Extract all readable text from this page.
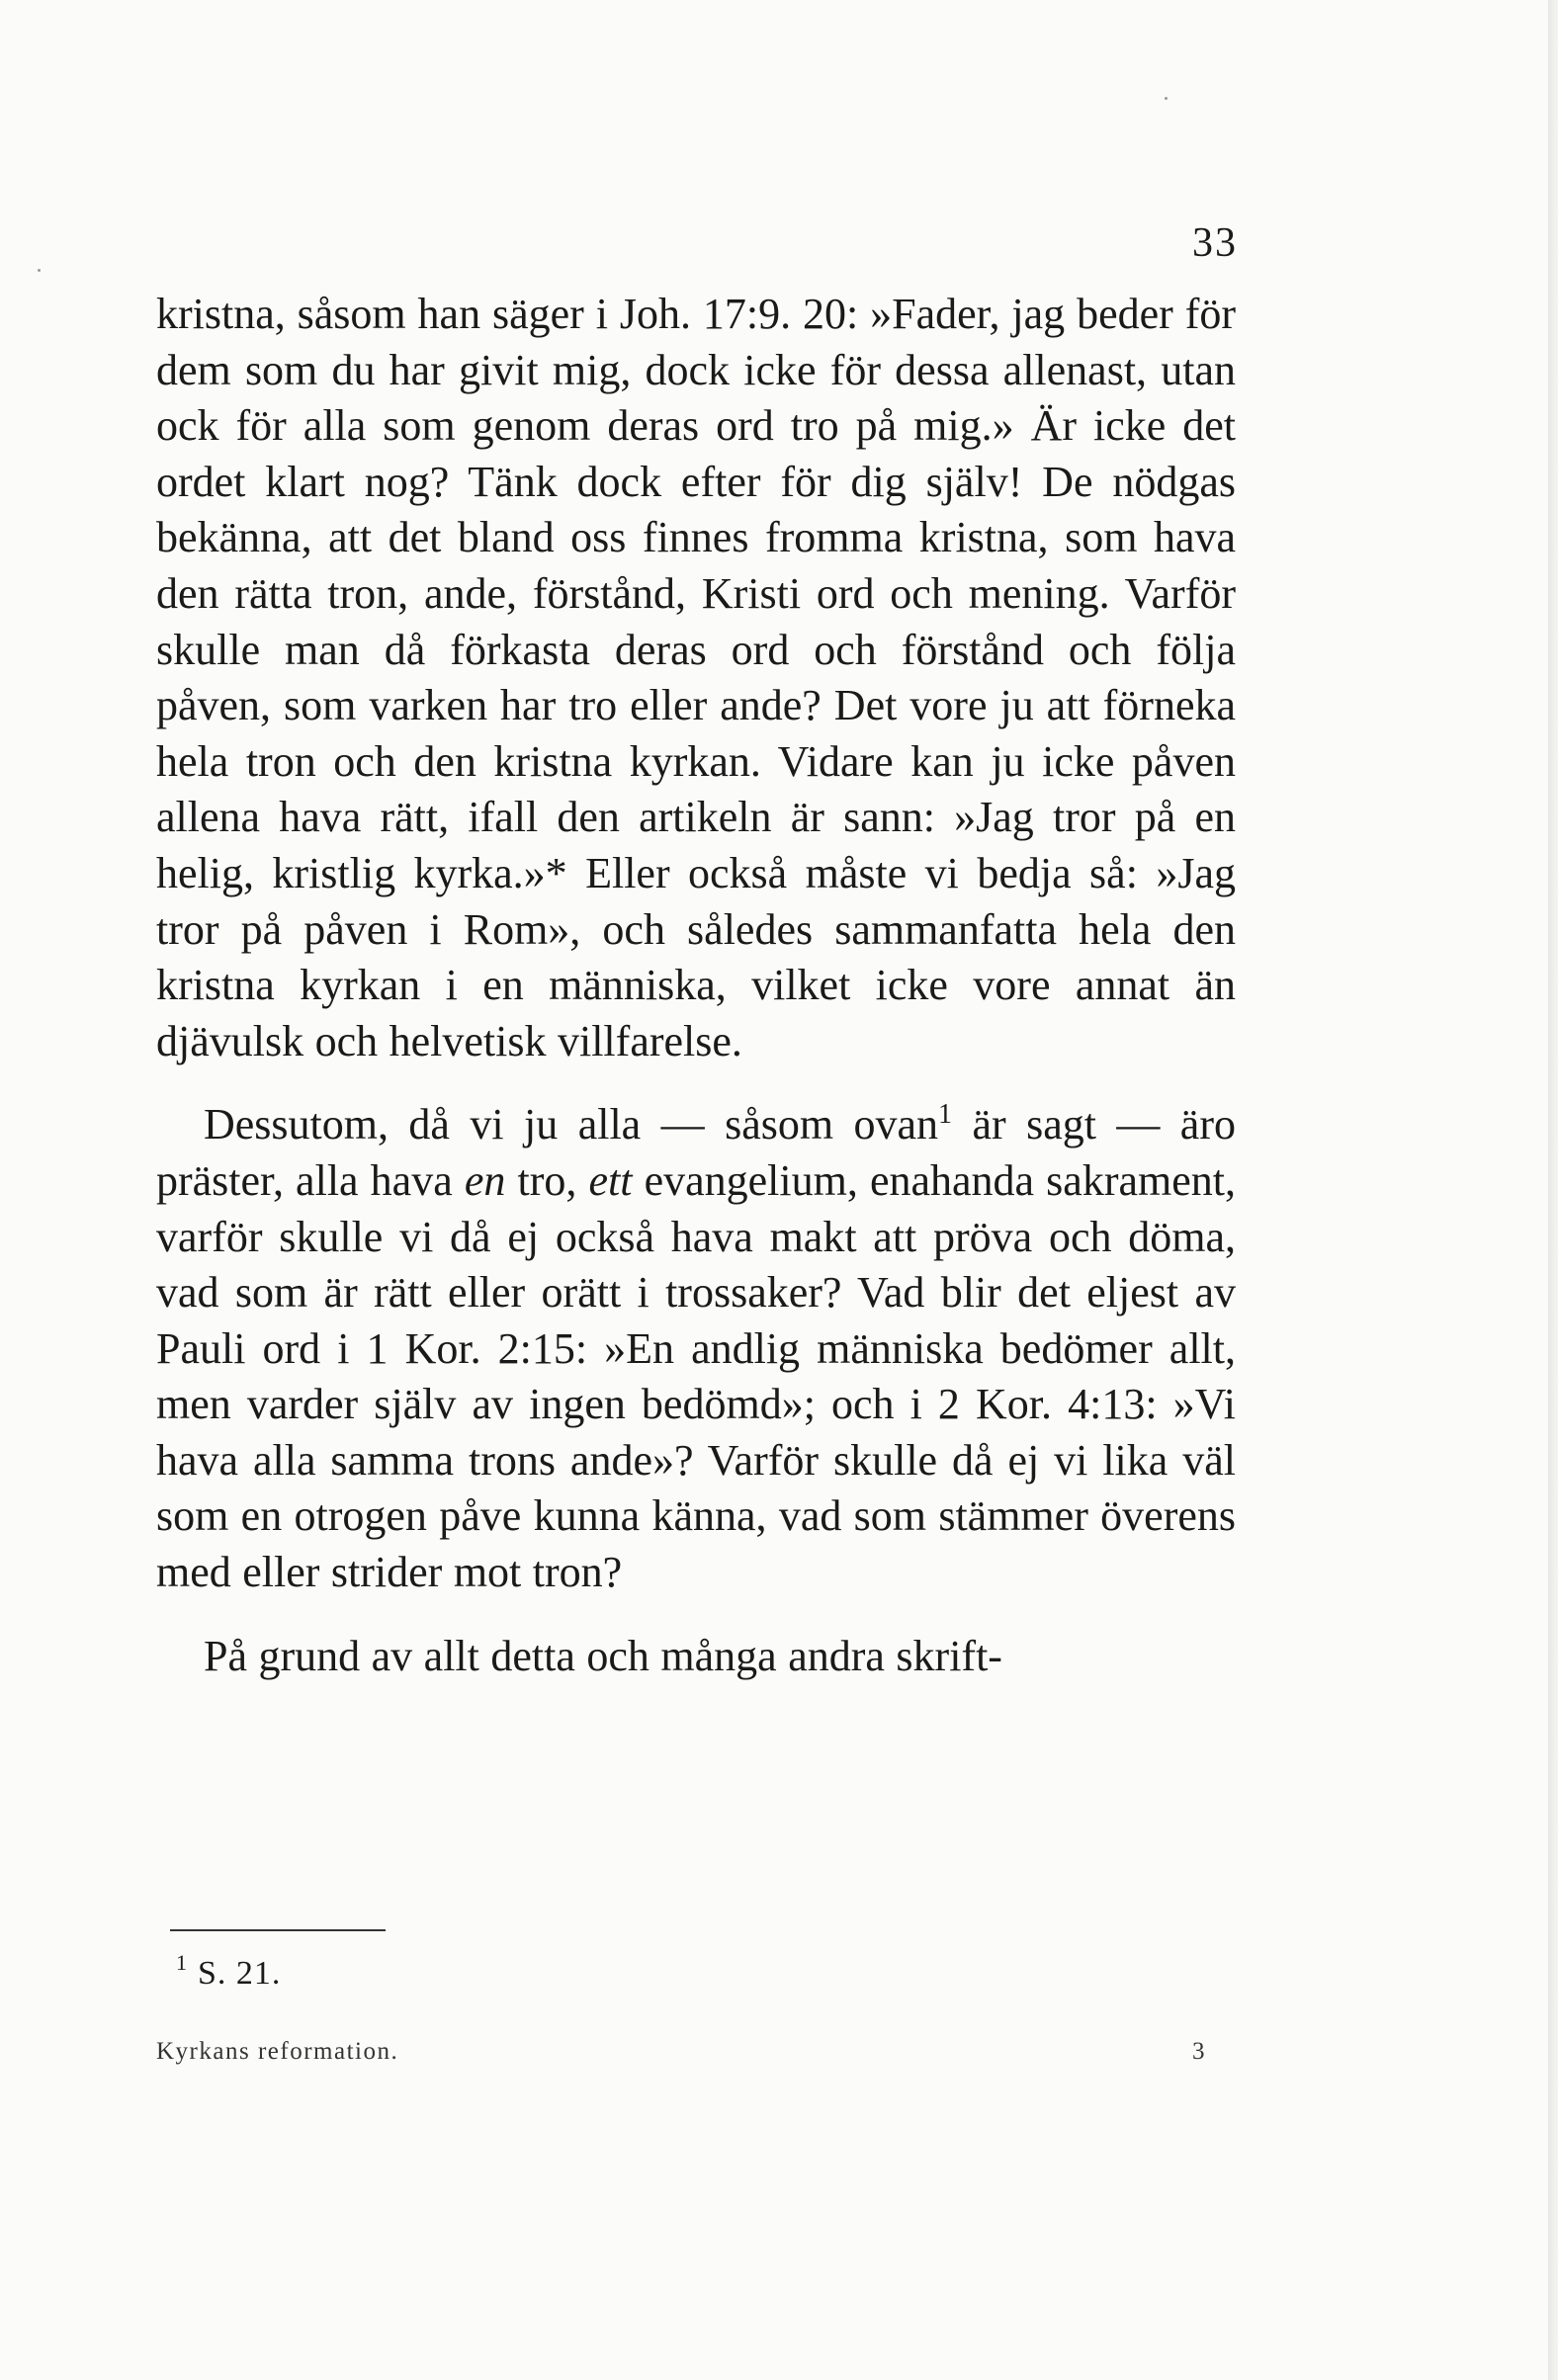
33

kristna, såsom han säger i Joh. 17:9. 20: »Fader, jag beder för dem som du har givit mig, dock icke för dessa allenast, utan ock för alla som genom deras ord tro på mig.» Är icke det ordet klart nog? Tänk dock efter för dig själv! De nödgas bekänna, att det bland oss finnes fromma kristna, som hava den rätta tron, ande, förstånd, Kristi ord och mening. Varför skulle man då förkasta deras ord och förstånd och följa påven, som varken har tro eller ande? Det vore ju att förneka hela tron och den kristna kyrkan. Vidare kan ju icke påven allena hava rätt, ifall den artikeln är sann: »Jag tror på en helig, kristlig kyrka.»* Eller också måste vi bedja så: »Jag tror på påven i Rom», och således sammanfatta hela den kristna kyrkan i en människa, vilket icke vore annat än djävulsk och helvetisk villfarelse.

Dessutom, då vi ju alla — såsom ovan$^1$ är sagt — äro präster, alla hava en tro, ett evangelium, enahanda sakrament, varför skulle vi då ej också hava makt att pröva och döma, vad som är rätt eller orätt i trossaker? Vad blir det eljest av Pauli ord i 1 Kor. 2:15: »En andlig människa bedömer allt, men varder själv av ingen bedömd»; och i 2 Kor. 4:13: »Vi hava alla samma trons ande»? Varför skulle då ej vi lika väl som en otrogen påve kunna känna, vad som stämmer överens med eller strider mot tron?

På grund av allt detta och många andra skrift-

$^1$ S. 21.
Kyrkans reformation.	3
